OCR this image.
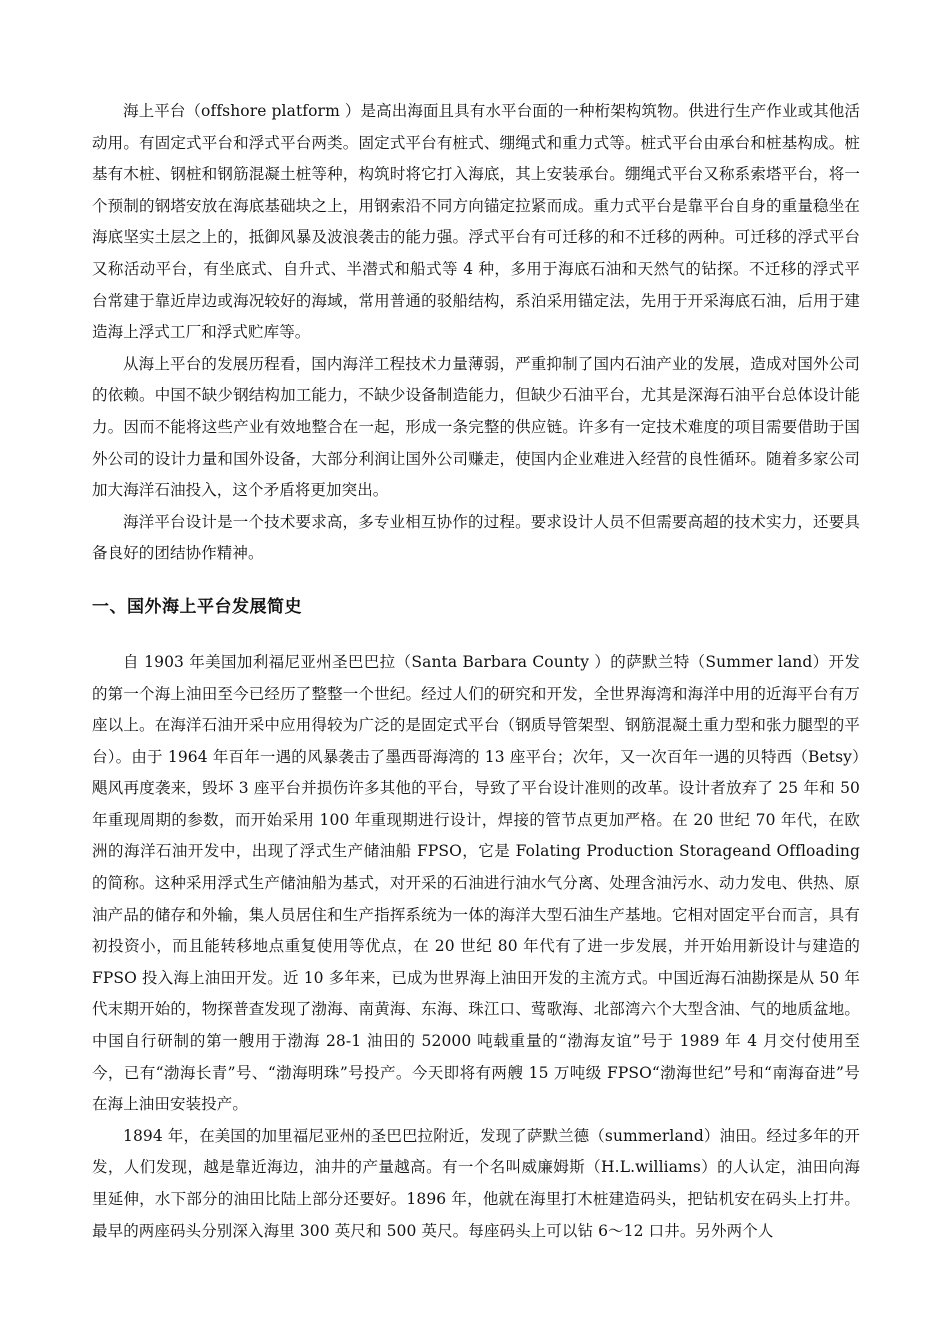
海上平台（offshore platform ）是高出海面且具有水平台面的一种桁架构筑物。供进行生产作业或其他活动用。有固定式平台和浮式平台两类。固定式平台有桩式、绷绳式和重力式等。桩式平台由承台和桩基构成。桩基有木桩、钢桩和钢筋混凝土桩等种，构筑时将它打入海底，其上安装承台。绷绳式平台又称系索塔平台，将一个预制的钢塔安放在海底基础块之上，用钢索沿不同方向锚定拉紧而成。重力式平台是靠平台自身的重量稳坐在海底坚实土层之上的，抵御风暴及波浪袭击的能力强。浮式平台有可迁移的和不迁移的两种。可迁移的浮式平台又称活动平台，有坐底式、自升式、半潜式和船式等 4 种，多用于海底石油和天然气的钻探。不迁移的浮式平台常建于靠近岸边或海况较好的海域，常用普通的驳船结构，系泊采用锚定法，先用于开采海底石油，后用于建造海上浮式工厂和浮式贮库等。

从海上平台的发展历程看，国内海洋工程技术力量薄弱，严重抑制了国内石油产业的发展，造成对国外公司的依赖。中国不缺少钢结构加工能力，不缺少设备制造能力，但缺少石油平台，尤其是深海石油平台总体设计能力。因而不能将这些产业有效地整合在一起，形成一条完整的供应链。许多有一定技术难度的项目需要借助于国外公司的设计力量和国外设备，大部分利润让国外公司赚走，使国内企业难进入经营的良性循环。随着多家公司加大海洋石油投入，这个矛盾将更加突出。

海洋平台设计是一个技术要求高，多专业相互协作的过程。要求设计人员不但需要高超的技术实力，还要具备良好的团结协作精神。

一、国外海上平台发展简史

自 1903 年美国加利福尼亚州圣巴巴拉（Santa Barbara County ）的萨默兰特（Summer land）开发的第一个海上油田至今已经历了整整一个世纪。经过人们的研究和开发，全世界海湾和海洋中用的近海平台有万座以上。在海洋石油开采中应用得较为广泛的是固定式平台（钢质导管架型、钢筋混凝土重力型和张力腿型的平台）。由于 1964 年百年一遇的风暴袭击了墨西哥海湾的 13 座平台；次年，又一次百年一遇的贝特西（Betsy）飓风再度袭来，毁坏 3 座平台并损伤许多其他的平台，导致了平台设计准则的改革。设计者放弃了 25 年和 50 年重现周期的参数，而开始采用 100 年重现期进行设计，焊接的管节点更加严格。在 20 世纪 70 年代，在欧洲的海洋石油开发中，出现了浮式生产储油船 FPSO，它是 Folating Production Storageand Offloading 的简称。这种采用浮式生产储油船为基式，对开采的石油进行油水气分离、处理含油污水、动力发电、供热、原油产品的储存和外输，集人员居住和生产指挥系统为一体的海洋大型石油生产基地。它相对固定平台而言，具有初投资小，而且能转移地点重复使用等优点，在 20 世纪 80 年代有了进一步发展，并开始用新设计与建造的 FPSO 投入海上油田开发。近 10 多年来，已成为世界海上油田开发的主流方式。中国近海石油勘探是从 50 年代末期开始的，物探普查发现了渤海、南黄海、东海、珠江口、莺歌海、北部湾六个大型含油、气的地质盆地。中国自行研制的第一艘用于渤海 28-1 油田的 52000 吨载重量的“渤海友谊”号于 1989 年 4 月交付使用至今，已有“渤海长青”号、“渤海明珠”号投产。今天即将有两艘 15 万吨级 FPSO“渤海世纪”号和“南海奋进”号在海上油田安装投产。

1894 年，在美国的加里福尼亚州的圣巴巴拉附近，发现了萨默兰德（summerland）油田。经过多年的开发，人们发现，越是靠近海边，油井的产量越高。有一个名叫威廉姆斯（H.L.williams）的人认定，油田向海里延伸，水下部分的油田比陆上部分还要好。1896 年，他就在海里打木桩建造码头，把钻机安在码头上打井。最早的两座码头分别深入海里 300 英尺和 500 英尺。每座码头上可以钻 6～12 口井。另外两个人
